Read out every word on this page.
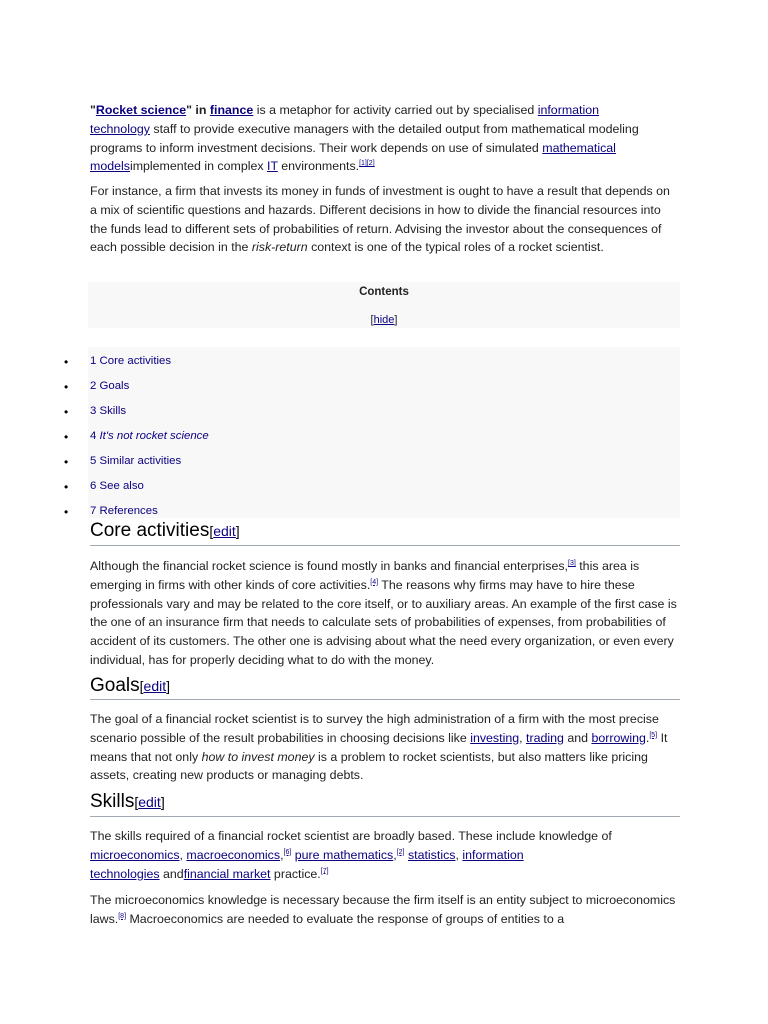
"Rocket science" in finance is a metaphor for activity carried out by specialised information
technology staff to provide executive managers with the detailed output from mathematical modeling programs to inform investment decisions. Their work depends on use of simulated mathematical
modelsimplemented in complex IT environments.[1][2]

For instance, a firm that invests its money in funds of investment is ought to have a result that depends on a mix of scientific questions and hazards. Different decisions in how to divide the financial resources into the funds lead to different sets of probabilities of return. Advising the investor about the consequences of each possible decision in the risk-return context is one of the typical roles of a rocket scientist.

Contents
[hide]
1 Core activities
2 Goals
3 Skills
4 It's not rocket science
5 Similar activities
6 See also
7 References
•
•
•
•
•
•
•
Core activities[edit]

Although the financial rocket science is found mostly in banks and financial enterprises,[3] this area is emerging in firms with other kinds of core activities.[4] The reasons why firms may have to hire these professionals vary and may be related to the core itself, or to auxiliary areas. An example of the first case is the one of an insurance firm that needs to calculate sets of probabilities of expenses, from probabilities of accident of its customers. The other one is advising about what the need every organization, or even every individual, has for properly deciding what to do with the money.

Goals[edit]

The goal of a financial rocket scientist is to survey the high administration of a firm with the most precise scenario possible of the result probabilities in choosing decisions like investing, trading and borrowing.[5] It means that not only how to invest money is a problem to rocket scientists, but also matters like pricing assets, creating new products or managing debts.

Skills[edit]

The skills required of a financial rocket scientist are broadly based. These include knowledge of microeconomics, macroeconomics,[6] pure mathematics,[2] statistics, information
technologies andfinancial market practice.[7]

The microeconomics knowledge is necessary because the firm itself is an entity subject to microeconomics laws.[8] Macroeconomics are needed to evaluate the response of groups of entities to a
